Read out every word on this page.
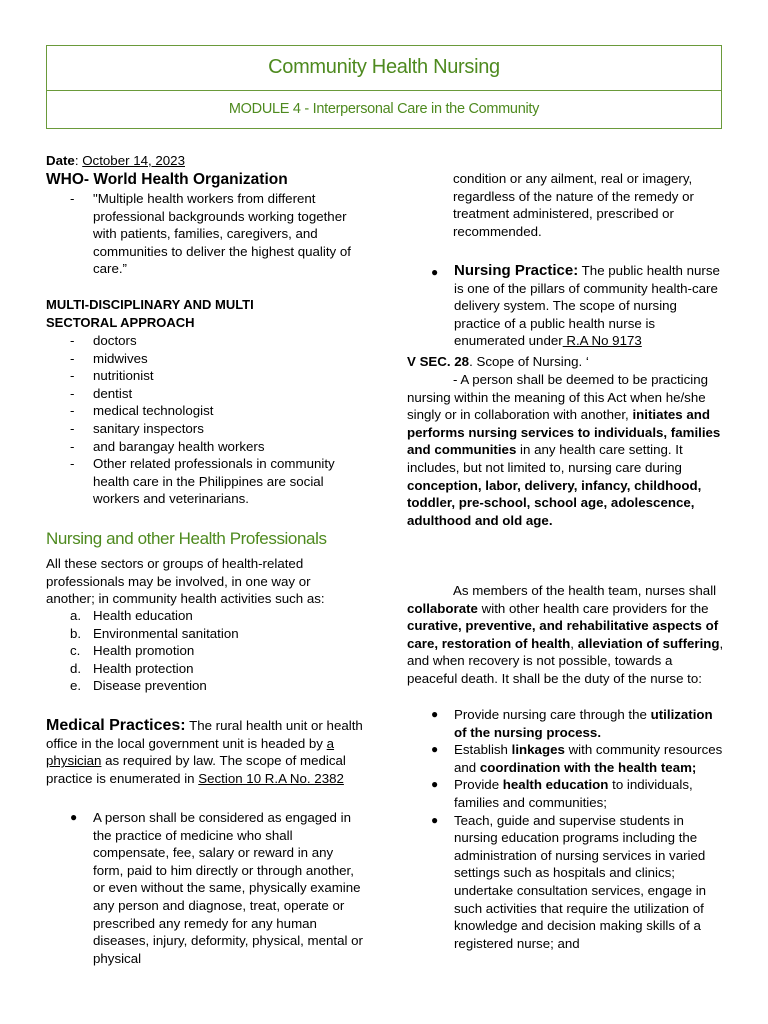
Community Health Nursing
MODULE 4 - Interpersonal Care in the Community
Date: October 14, 2023
WHO- World Health Organization
- "Multiple health workers from different professional backgrounds working together with patients, families, caregivers, and communities to deliver the highest quality of care.”
MULTI-DISCIPLINARY AND MULTI
SECTORAL APPROACH
- doctors
- midwives
- nutritionist
- dentist
- medical technologist
- sanitary inspectors
- and barangay health workers
- Other related professionals in community health care in the Philippines are social workers and veterinarians.
Nursing and other Health Professionals

All these sectors or groups of health-related professionals may be involved, in one way or another; in community health activities such as:

a. Health education
b. Environmental sanitation
c. Health promotion
d. Health protection
e. Disease prevention

Medical Practices: The rural health unit or health office in the local government unit is headed by a physician as required by law. The scope of medical practice is enumerated in Section 10 R.A No. 2382

● A person shall be considered as engaged in the practice of medicine who shall compensate, fee, salary or reward in any form, paid to him directly or through another, or even without the same, physically examine any person and diagnose, treat, operate or prescribed any remedy for any human diseases, injury, deformity, physical, mental or physical

condition or any ailment, real or imagery, regardless of the nature of the remedy or treatment administered, prescribed or recommended.

● Nursing Practice: The public health nurse is one of the pillars of community health-care delivery system. The scope of nursing practice of a public health nurse is enumerated under R.A No 9173

V SEC. 28. Scope of Nursing. ‘

- A person shall be deemed to be practicing nursing within the meaning of this Act when he/she singly or in collaboration with another, initiates and performs nursing services to individuals, families and communities in any health care setting. It includes, but not limited to, nursing care during conception, labor, delivery, infancy, childhood, toddler, pre-school, school age, adolescence, adulthood and old age.

As members of the health team, nurses shall collaborate with other health care providers for the curative, preventive, and rehabilitative aspects of care, restoration of health, alleviation of suffering, and when recovery is not possible, towards a peaceful death. It shall be the duty of the nurse to:

● Provide nursing care through the utilization of the nursing process.
● Establish linkages with community resources and coordination with the health team;
● Provide health education to individuals, families and communities;
● Teach, guide and supervise students in nursing education programs including the administration of nursing services in varied settings such as hospitals and clinics; undertake consultation services, engage in such activities that require the utilization of knowledge and decision making skills of a registered nurse; and
